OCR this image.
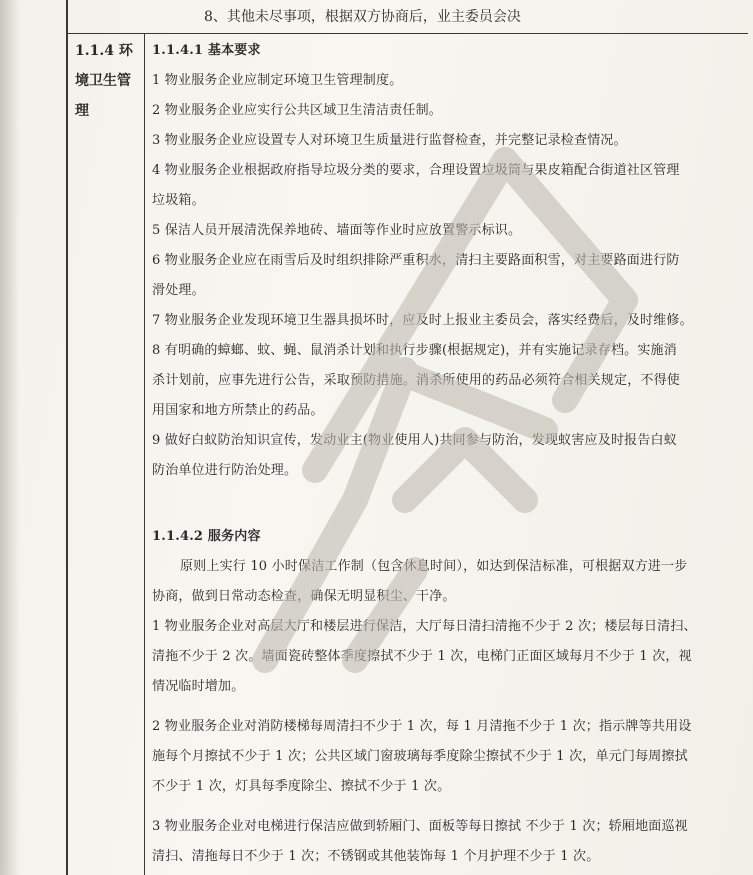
8、其他未尽事项，根据双方协商后，业主委员会决
1.1.4 环
境卫生管
理
1.1.4.1 基本要求
1 物业服务企业应制定环境卫生管理制度。
2 物业服务企业应实行公共区域卫生清洁责任制。
3 物业服务企业应设置专人对环境卫生质量进行监督检查，并完整记录检查情况。
4 物业服务企业根据政府指导垃圾分类的要求，合理设置垃圾筒与果皮箱配合街道社区管理
垃圾箱。
5 保洁人员开展清洗保养地砖、墙面等作业时应放置警示标识。
6 物业服务企业应在雨雪后及时组织排除严重积水，清扫主要路面积雪，对主要路面进行防
滑处理。
7 物业服务企业发现环境卫生器具损坏时，应及时上报业主委员会，落实经费后，及时维修。
8 有明确的蟑螂、蚊、蝇、鼠消杀计划和执行步骤(根据规定)，并有实施记录存档。实施消
杀计划前，应事先进行公告，采取预防措施。消杀所使用的药品必须符合相关规定，不得使
用国家和地方所禁止的药品。
9 做好白蚁防治知识宣传，发动业主(物业使用人)共同参与防治，发现蚁害应及时报告白蚁
防治单位进行防治处理。
1.1.4.2 服务内容
原则上实行 10 小时保洁工作制（包含休息时间），如达到保洁标准，可根据双方进一步
协商，做到日常动态检查，确保无明显积尘、干净。
1 物业服务企业对高层大厅和楼层进行保洁，大厅每日清扫清拖不少于 2 次；楼层每日清扫、
清拖不少于 2 次。墙面瓷砖整体季度擦拭不少于 1 次，电梯门正面区域每月不少于 1 次，视
情况临时增加。
2 物业服务企业对消防楼梯每周清扫不少于 1 次，每 1 月清拖不少于 1 次；指示牌等共用设
施每个月擦拭不少于 1 次；公共区域门窗玻璃每季度除尘擦拭不少于 1 次，单元门每周擦拭
不少于 1 次，灯具每季度除尘、擦拭不少于 1 次。
3 物业服务企业对电梯进行保洁应做到轿厢门、面板等每日擦拭 不少于 1 次；轿厢地面巡视
清扫、清拖每日不少于 1 次；不锈钢或其他装饰每 1 个月护理不少于 1 次。
